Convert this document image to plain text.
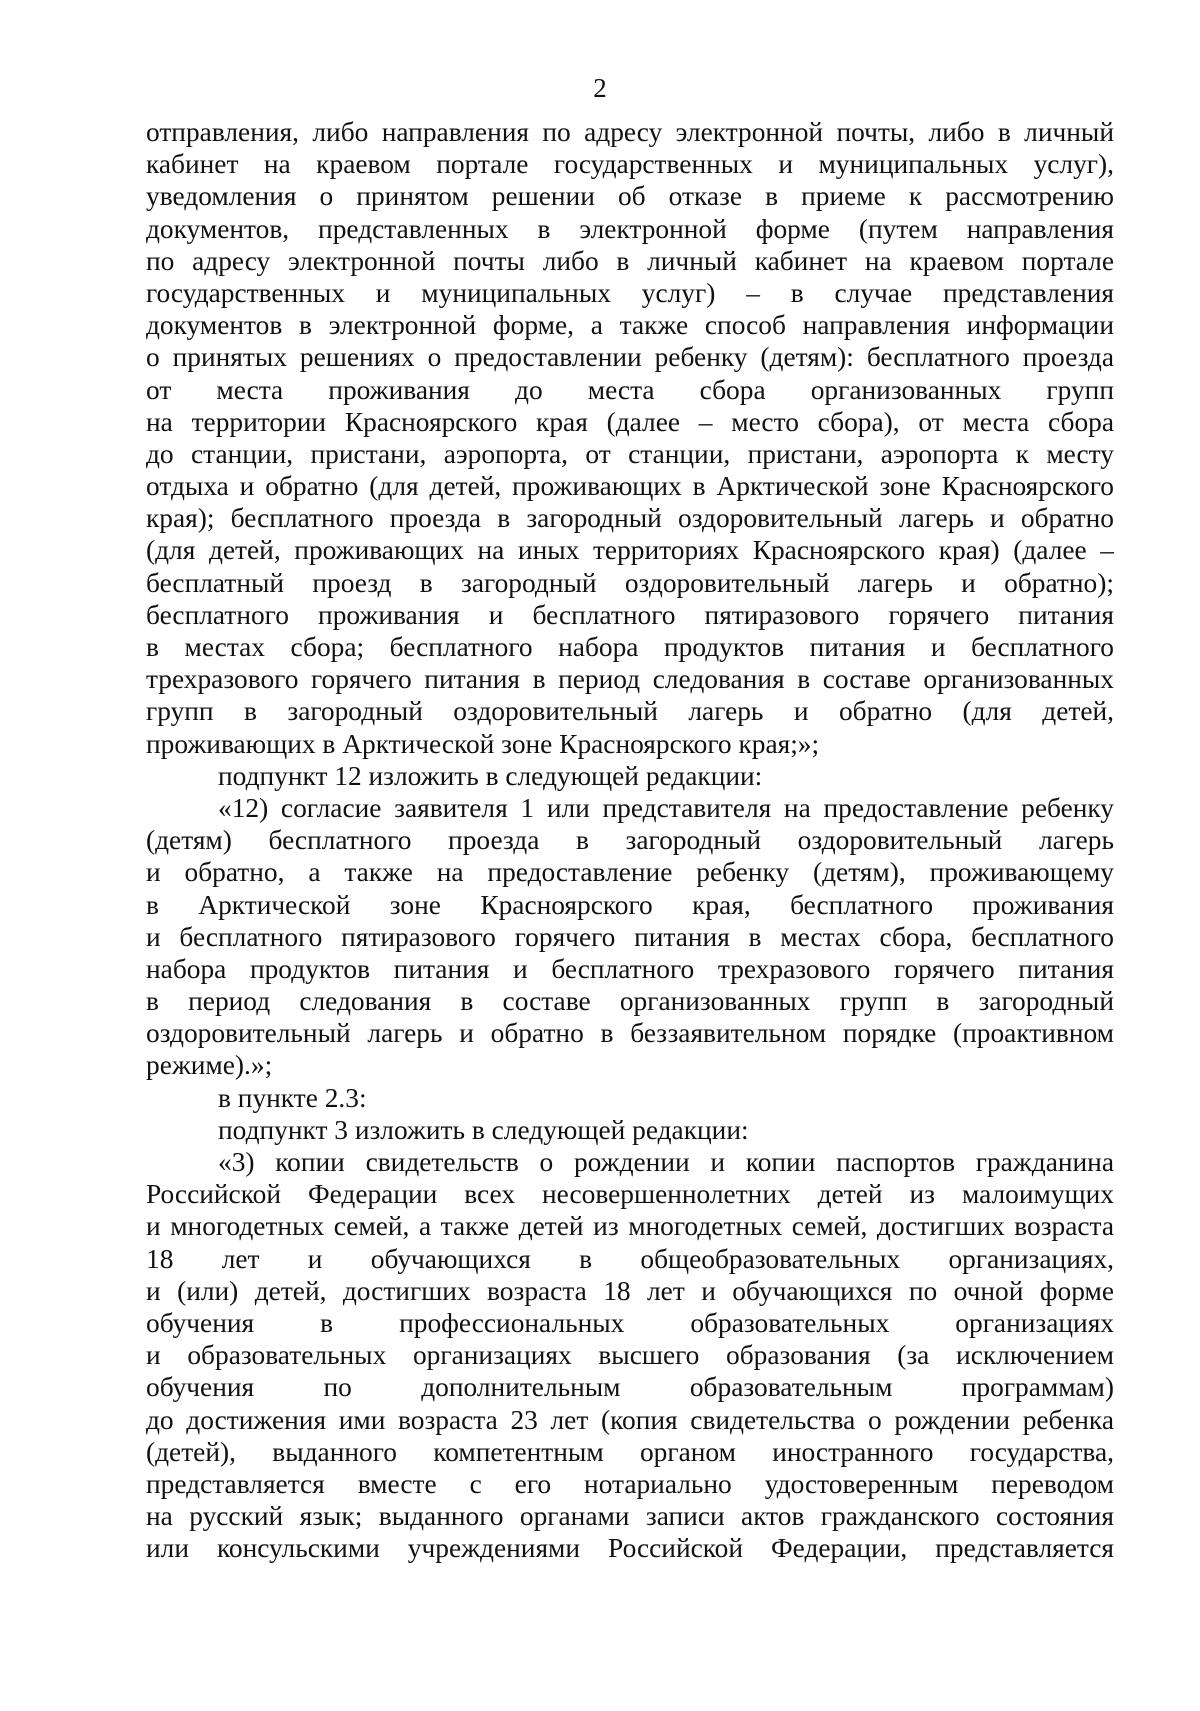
2
отправления, либо направления по адресу электронной почты, либо в личный
кабинет на краевом портале государственных и муниципальных услуг),
уведомления о принятом решении об отказе в приеме к рассмотрению
документов, представленных в электронной форме (путем направления
по адресу электронной почты либо в личный кабинет на краевом портале
государственных и муниципальных услуг) – в случае представления
документов в электронной форме, а также способ направления информации
о принятых решениях о предоставлении ребенку (детям): бесплатного проезда
от места проживания до места сбора организованных групп
на территории Красноярского края (далее – место сбора), от места сбора
до станции, пристани, аэропорта, от станции, пристани, аэропорта к месту
отдыха и обратно (для детей, проживающих в Арктической зоне Красноярского
края); бесплатного проезда в загородный оздоровительный лагерь и обратно
(для детей, проживающих на иных территориях Красноярского края) (далее –
бесплатный проезд в загородный оздоровительный лагерь и обратно);
бесплатного проживания и бесплатного пятиразового горячего питания
в местах сбора; бесплатного набора продуктов питания и бесплатного
трехразового горячего питания в период следования в составе организованных
групп в загородный оздоровительный лагерь и обратно (для детей,
проживающих в Арктической зоне Красноярского края;»;
подпункт 12 изложить в следующей редакции:
«12) согласие заявителя 1 или представителя на предоставление ребенку
(детям) бесплатного проезда в загородный оздоровительный лагерь
и обратно, а также на предоставление ребенку (детям), проживающему
в Арктической зоне Красноярского края, бесплатного проживания
и бесплатного пятиразового горячего питания в местах сбора, бесплатного
набора продуктов питания и бесплатного трехразового горячего питания
в период следования в составе организованных групп в загородный
оздоровительный лагерь и обратно в беззаявительном порядке (проактивном
режиме).»;
в пункте 2.3:
подпункт 3 изложить в следующей редакции:
«3) копии свидетельств о рождении и копии паспортов гражданина
Российской Федерации всех несовершеннолетних детей из малоимущих
и многодетных семей, а также детей из многодетных семей, достигших возраста
18 лет и обучающихся в общеобразовательных организациях,
и (или) детей, достигших возраста 18 лет и обучающихся по очной форме
обучения в профессиональных образовательных организациях
и образовательных организациях высшего образования (за исключением
обучения по дополнительным образовательным программам)
до достижения ими возраста 23 лет (копия свидетельства о рождении ребенка
(детей), выданного компетентным органом иностранного государства,
представляется вместе с его нотариально удостоверенным переводом
на русский язык; выданного органами записи актов гражданского состояния
или консульскими учреждениями Российской Федерации, представляется
